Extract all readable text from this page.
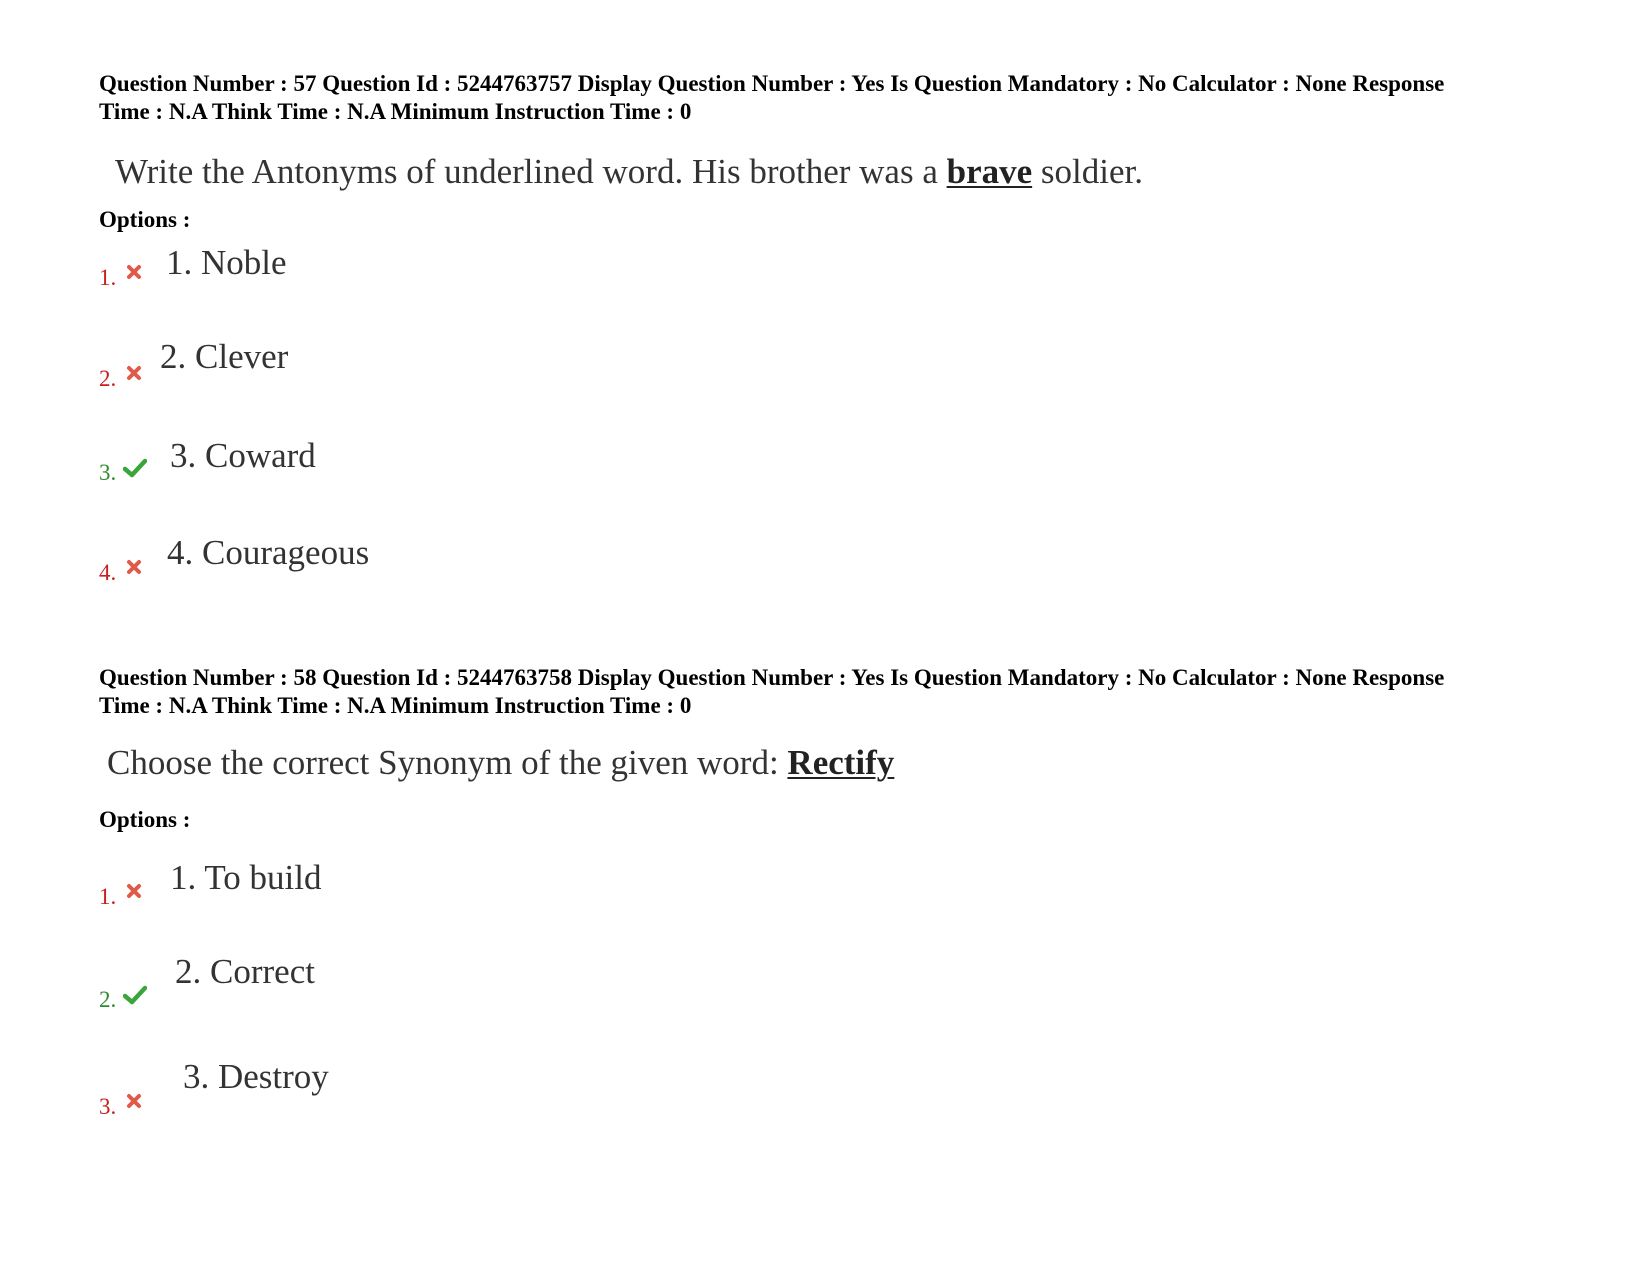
Question Number : 57 Question Id : 5244763757 Display Question Number : Yes Is Question Mandatory : No Calculator : None Response
Time : N.A Think Time : N.A Minimum Instruction Time : 0
Write the Antonyms of underlined word. His brother was a brave soldier.
Options :
1. 1. Noble
2.
2. Clever
3. 3. Coward
4.
4. Courageous
Question Number : 58 Question Id : 5244763758 Display Question Number : Yes Is Question Mandatory : No Calculator : None Response
Time : N.A Think Time : N.A Minimum Instruction Time : 0
Choose the correct Synonym of the given word: Rectify
Options :
1. 1. To build
2.
2. Correct
3.
3. Destroy
